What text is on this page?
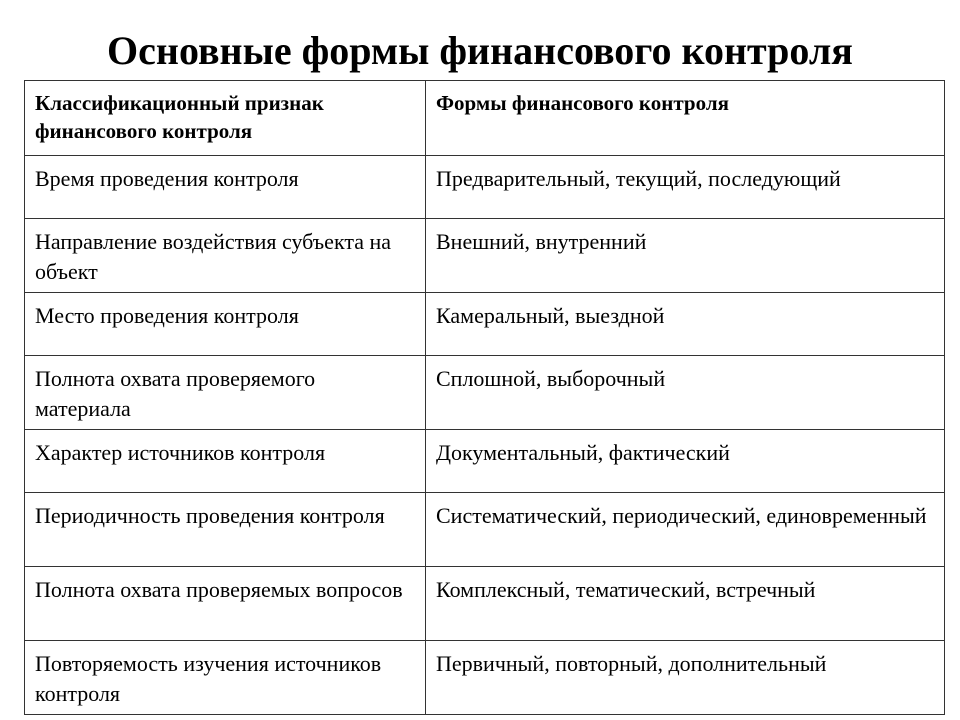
Основные формы финансового контроля
Классификационный признак финансового контроля	Формы финансового контроля
Время проведения контроля	Предварительный, текущий, последующий
Направление воздействия субъекта на объект	Внешний, внутренний
Место проведения контроля	Камеральный, выездной
Полнота охвата проверяемого материала	Сплошной, выборочный
Характер источников контроля	Документальный, фактический
Периодичность проведения контроля	Систематический, периодический, единовременный
Полнота охвата проверяемых вопросов	Комплексный, тематический, встречный
Повторяемость изучения источников контроля	Первичный, повторный, дополнительный
